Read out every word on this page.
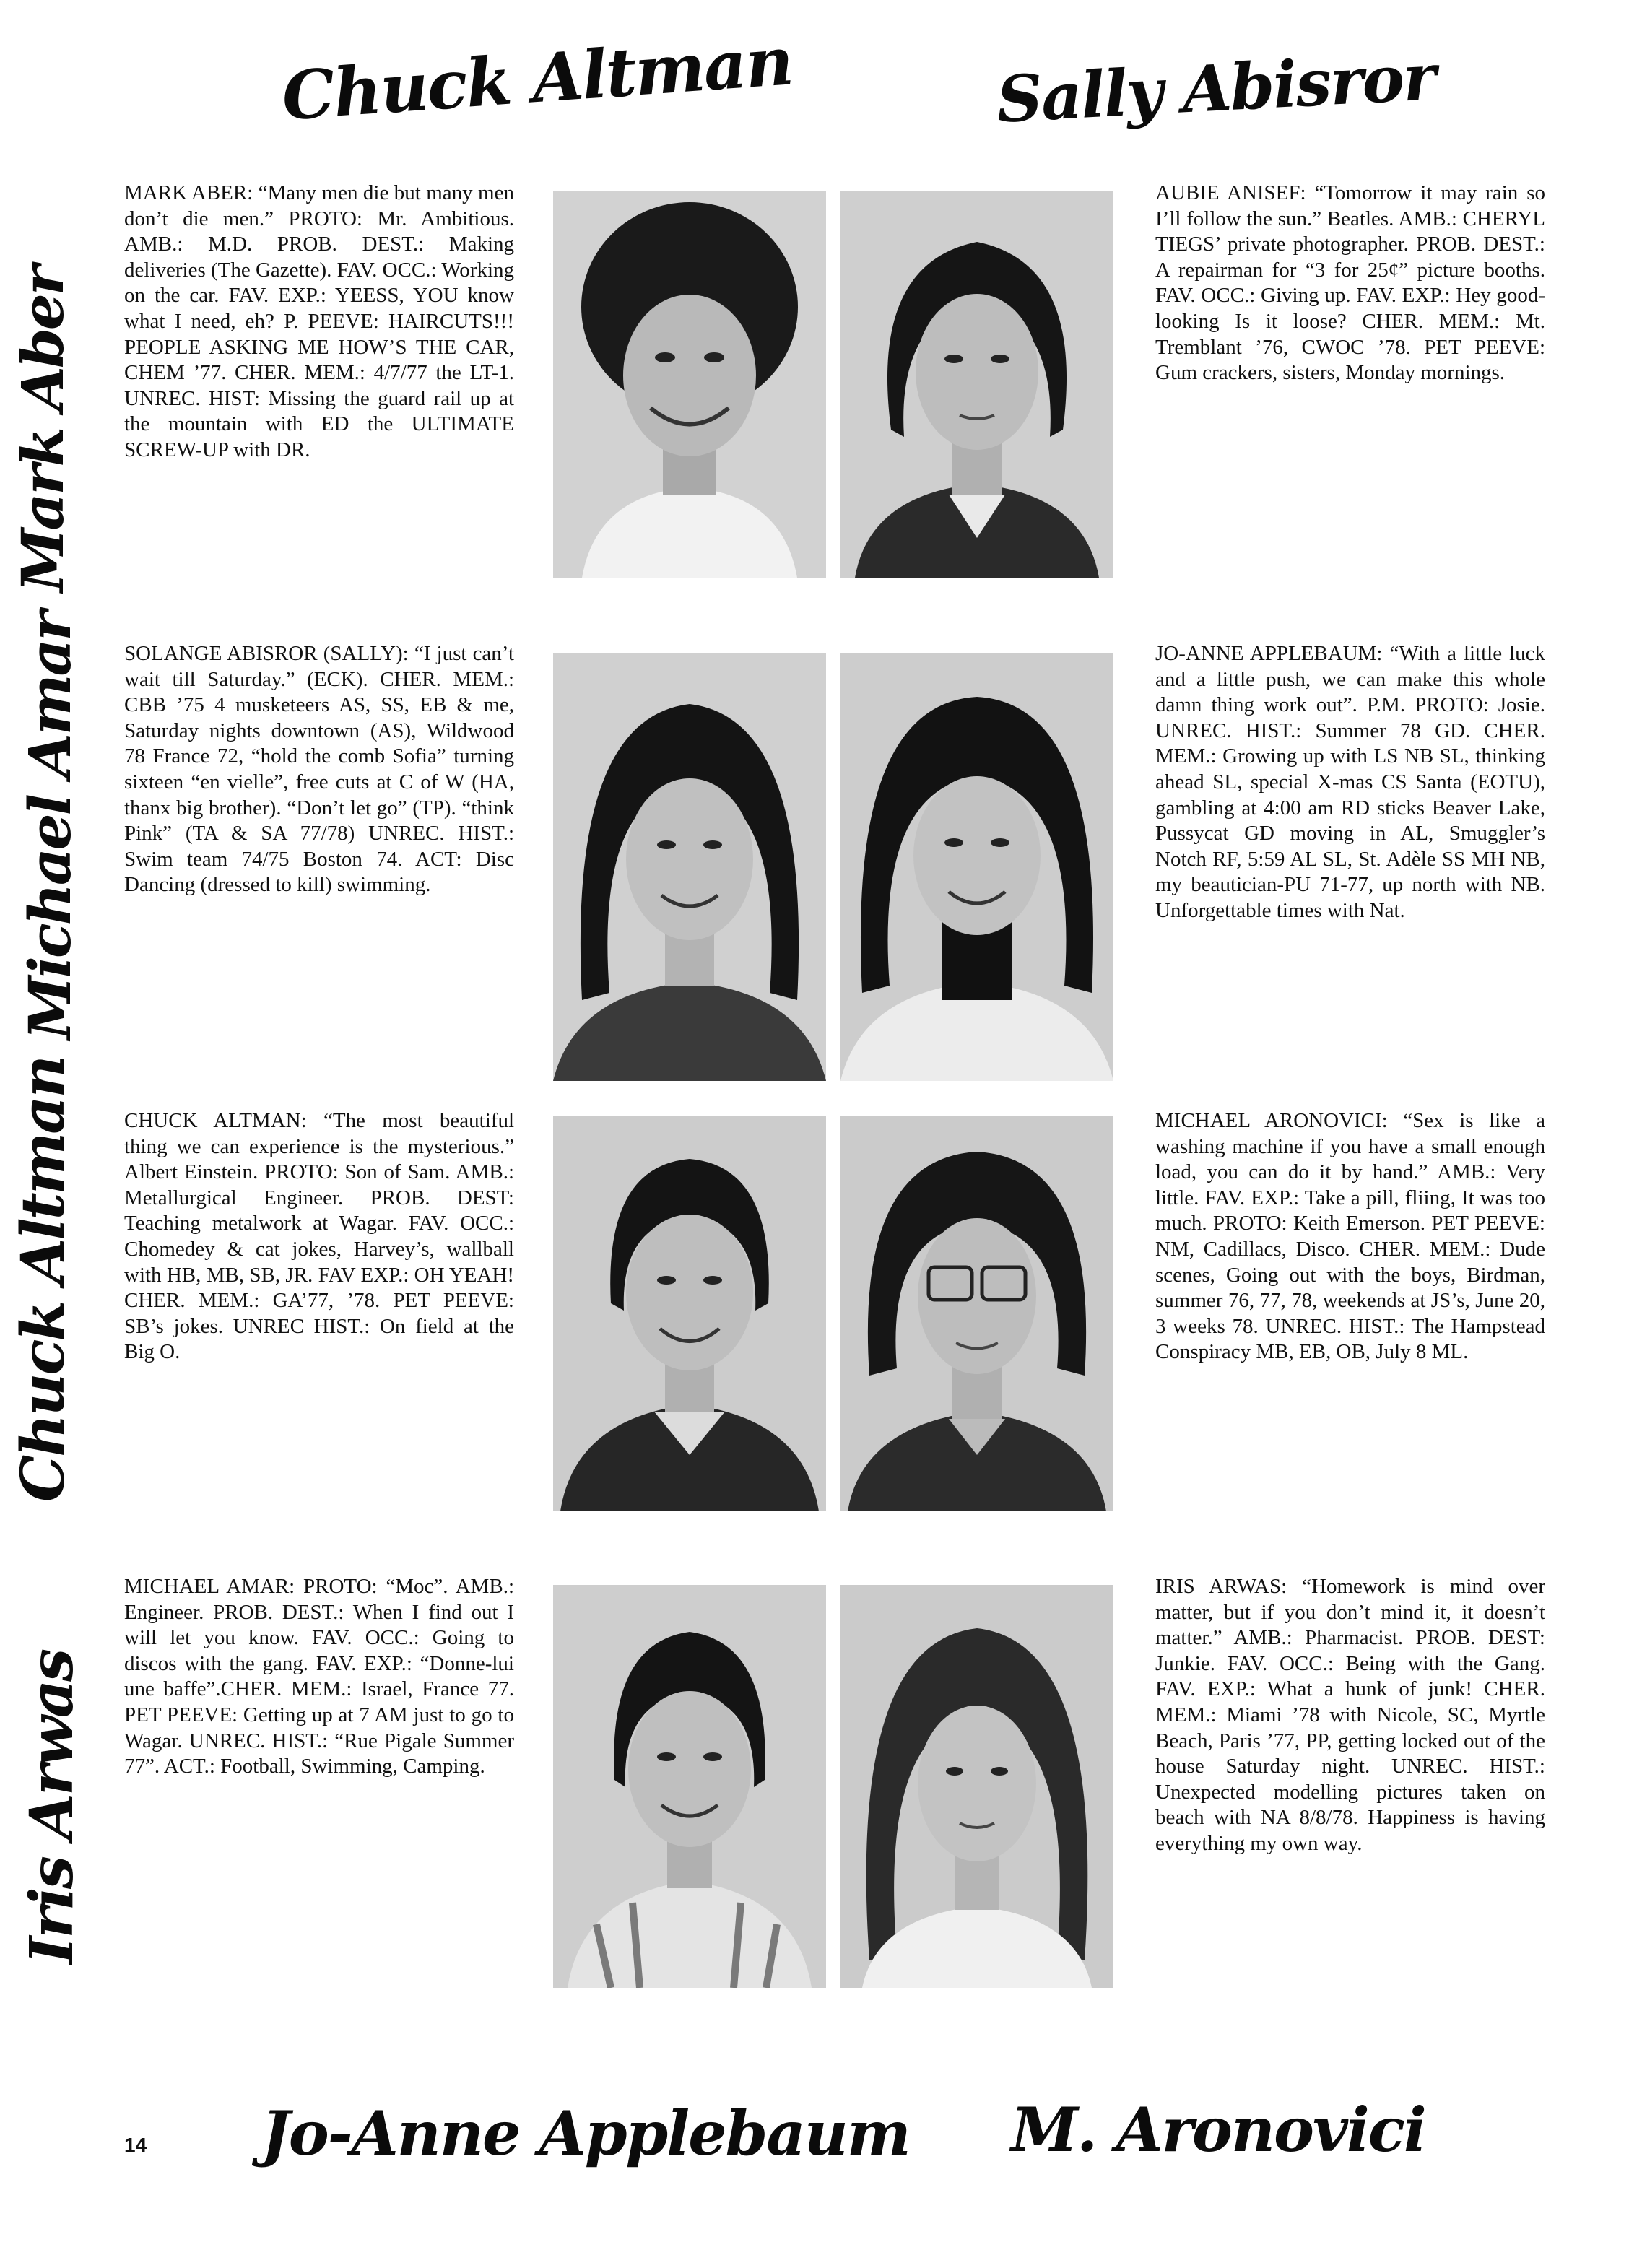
Chuck Altman	Sally Abisror
Mark Aber
Michael Amar
Chuck Altman
Iris Arwas

MARK ABER: “Many men die but many men don’t die men.” PROTO: Mr. Ambitious. AMB.: M.D. PROB. DEST.: Making deliveries (The Gazette). FAV. OCC.: Working on the car. FAV. EXP.: YEESS, YOU know what I need, eh? P. PEEVE: HAIRCUTS!!! PEOPLE ASKING ME HOW’S THE CAR, CHEM ’77. CHER. MEM.: 4/7/77 the LT-1. UNREC. HIST: Missing the guard rail up at the mountain with ED the ULTIMATE SCREW-UP with DR.

AUBIE ANISEF: “Tomorrow it may rain so I’ll follow the sun.” Beatles. AMB.: CHERYL TIEGS’ private photographer. PROB. DEST.: A repairman for “3 for 25¢” picture booths. FAV. OCC.: Giving up. FAV. EXP.: Hey good-looking Is it loose? CHER. MEM.: Mt. Tremblant ’76, CWOC ’78. PET PEEVE: Gum crackers, sisters, Monday mornings.

SOLANGE ABISROR (SALLY): “I just can’t wait till Saturday.” (ECK). CHER. MEM.: CBB ’75 4 musketeers AS, SS, EB & me, Saturday nights downtown (AS), Wildwood 78 France 72, “hold the comb Sofia” turning sixteen “en vielle”, free cuts at C of W (HA, thanx big brother). “Don’t let go” (TP). “think Pink” (TA & SA 77/78) UNREC. HIST.: Swim team 74/75 Boston 74. ACT: Disc Dancing (dressed to kill) swimming.

JO-ANNE APPLEBAUM: “With a little luck and a little push, we can make this whole damn thing work out”. P.M. PROTO: Josie. UNREC. HIST.: Summer 78 GD. CHER. MEM.: Growing up with LS NB SL, thinking ahead SL, special X-mas CS Santa (EOTU), gambling at 4:00 am RD sticks Beaver Lake, Pussycat GD moving in AL, Smuggler’s Notch RF, 5:59 AL SL, St. Adèle SS MH NB, my beautician-PU 71-77, up north with NB. Unforgettable times with Nat.

CHUCK ALTMAN: “The most beautiful thing we can experience is the mysterious.” Albert Einstein. PROTO: Son of Sam. AMB.: Metallurgical Engineer. PROB. DEST: Teaching metalwork at Wagar. FAV. OCC.: Chomedey & cat jokes, Harvey’s, wallball with HB, MB, SB, JR. FAV EXP.: OH YEAH! CHER. MEM.: GA’77, ’78. PET PEEVE: SB’s jokes. UNREC HIST.: On field at the Big O.

MICHAEL ARONOVICI: “Sex is like a washing machine if you have a small enough load, you can do it by hand.” AMB.: Very little. FAV. EXP.: Take a pill, fliing, It was too much. PROTO: Keith Emerson. PET PEEVE: NM, Cadillacs, Disco. CHER. MEM.: Dude scenes, Going out with the boys, Birdman, summer 76, 77, 78, weekends at JS’s, June 20, 3 weeks 78. UNREC. HIST.: The Hampstead Conspiracy MB, EB, OB, July 8 ML.

MICHAEL AMAR: PROTO: “Moc”. AMB.: Engineer. PROB. DEST.: When I find out I will let you know. FAV. OCC.: Going to discos with the gang. FAV. EXP.: “Donne-lui une baffe”.CHER. MEM.: Israel, France 77. PET PEEVE: Getting up at 7 AM just to go to Wagar. UNREC. HIST.: “Rue Pigale Summer 77”. ACT.: Football, Swimming, Camping.

IRIS ARWAS: “Homework is mind over matter, but if you don’t mind it, it doesn’t matter.” AMB.: Pharmacist. PROB. DEST: Junkie. FAV. OCC.: Being with the Gang. FAV. EXP.: What a hunk of junk! CHER. MEM.: Miami ’78 with Nicole, SC, Myrtle Beach, Paris ’77, PP, getting locked out of the house Saturday night. UNREC. HIST.: Unexpected modelling pictures taken on beach with NA 8/8/78. Happiness is having everything my own way.

14 Jo-Anne Applebaum M. Aronovici
